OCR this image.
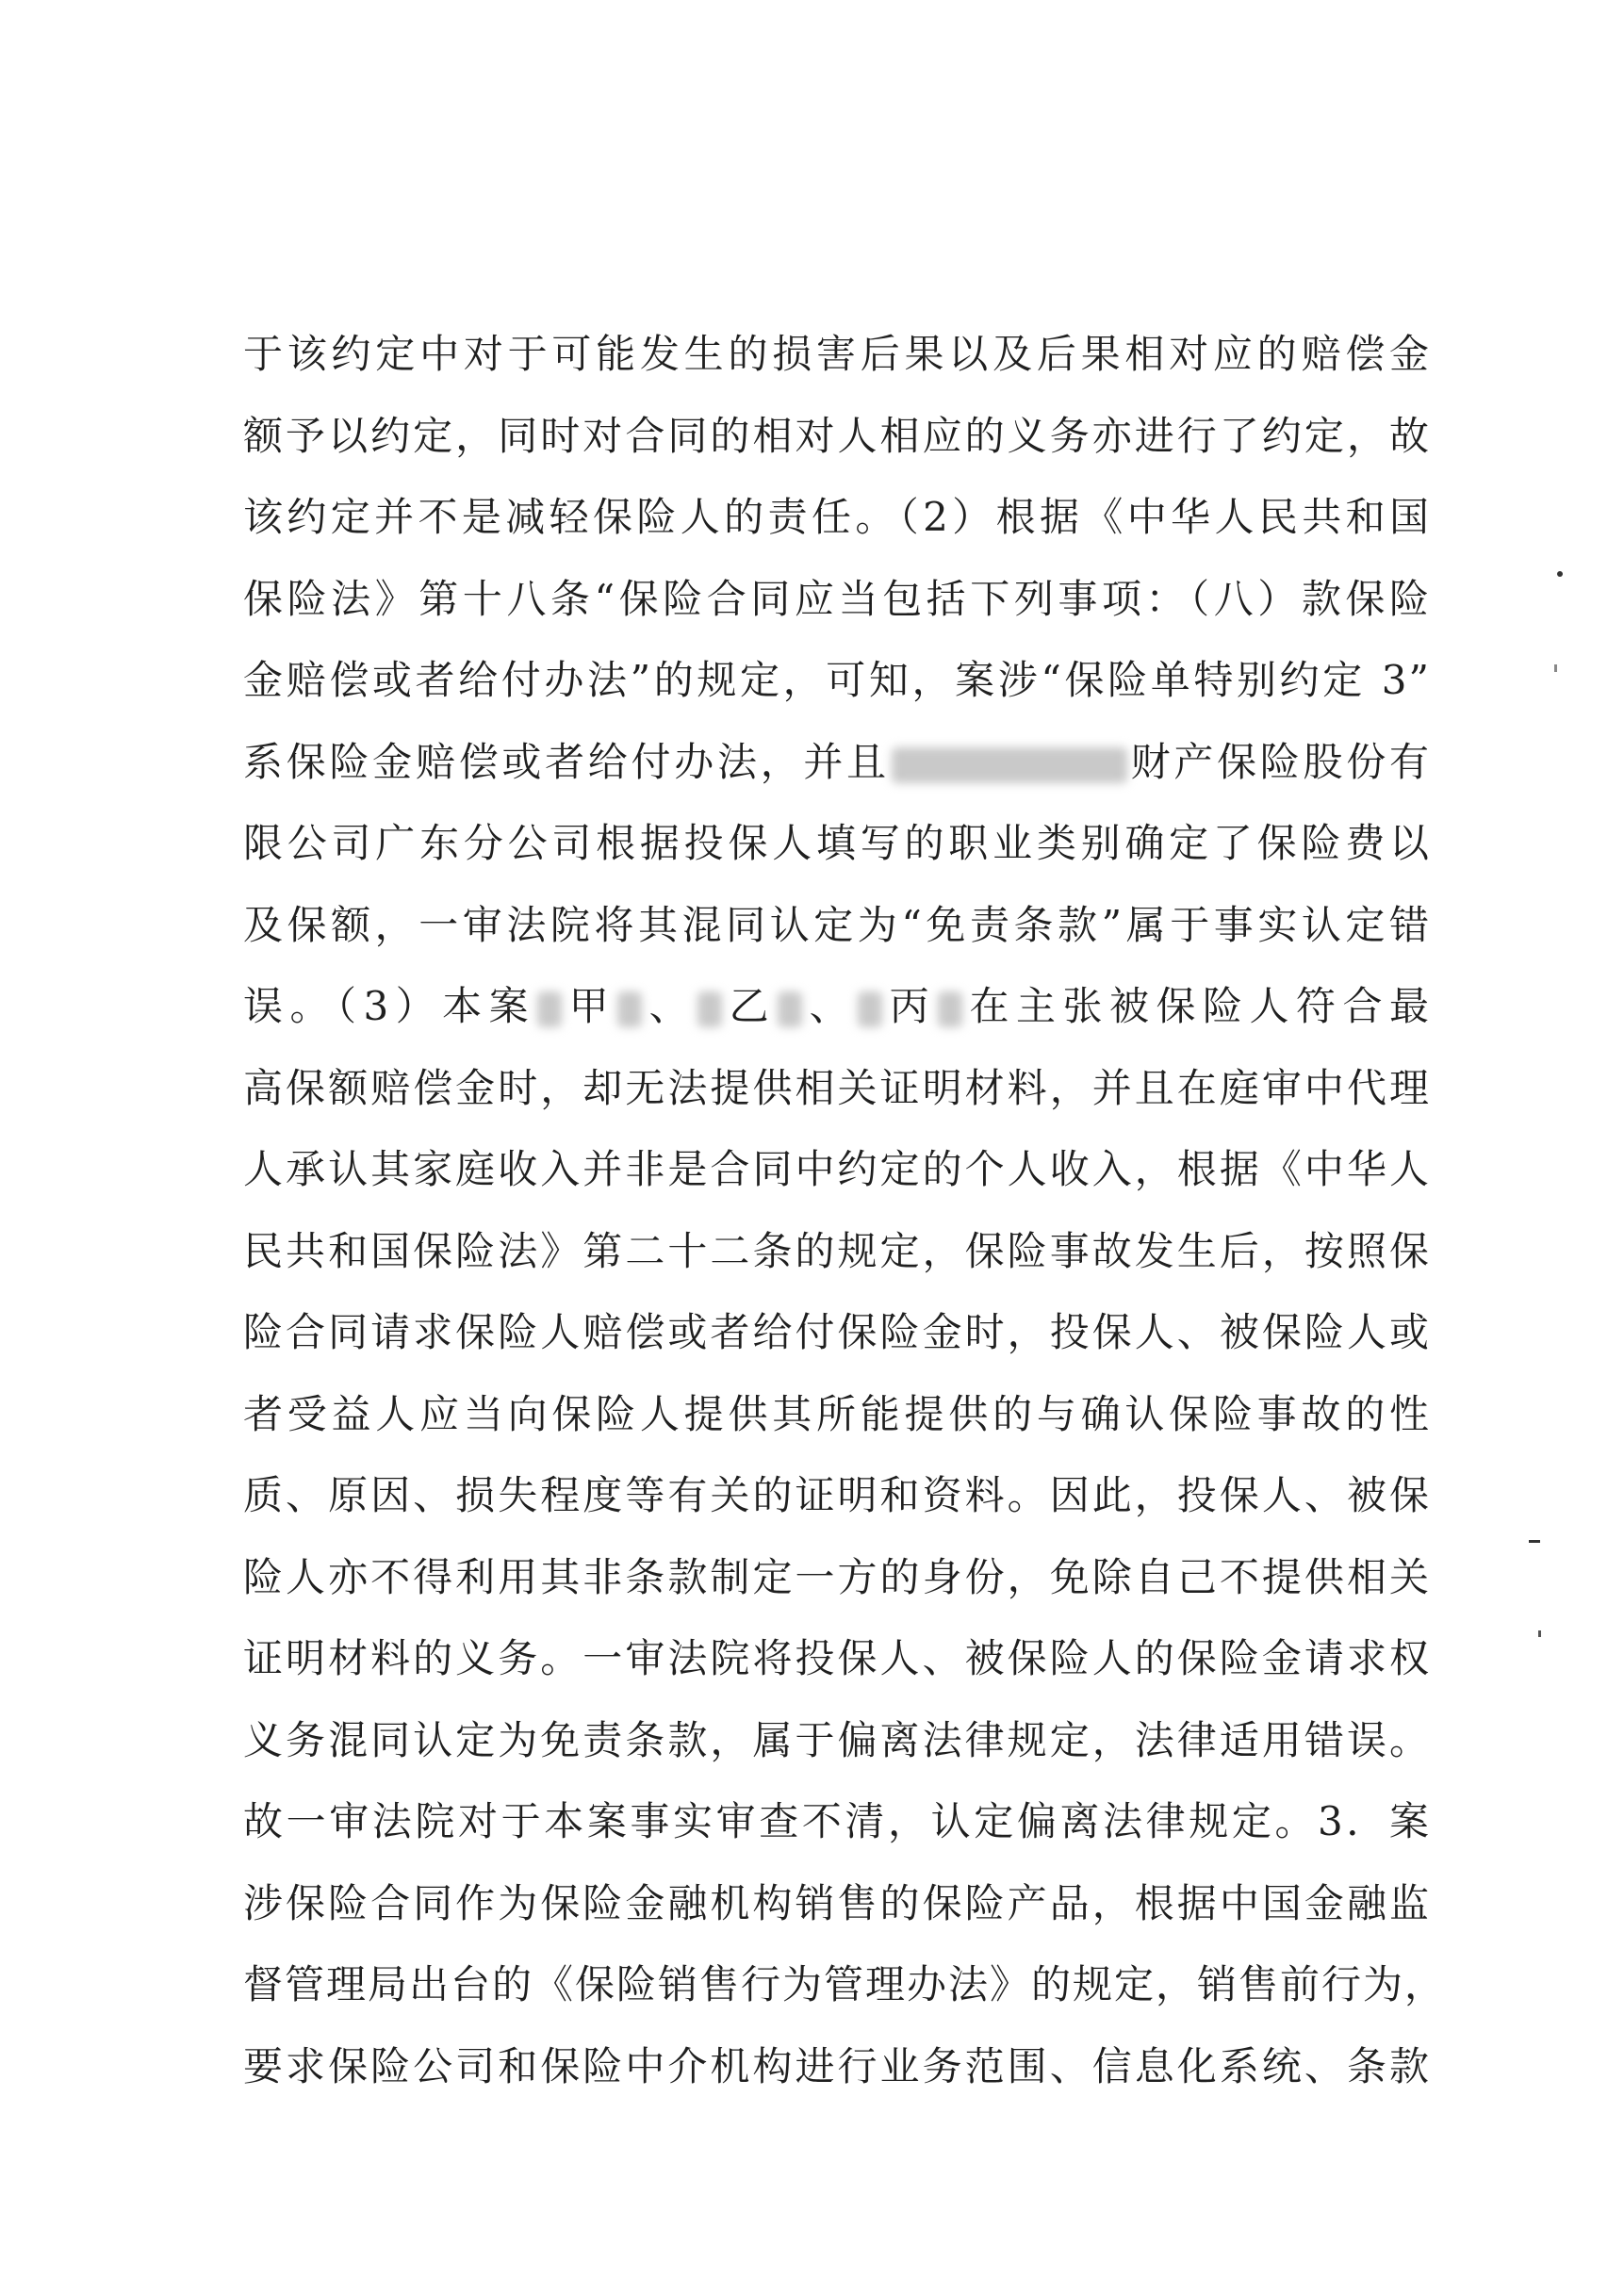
于该约定中对于可能发生的损害后果以及后果相对应的赔偿金
额予以约定，同时对合同的相对人相应的义务亦进行了约定，故
该约定并不是减轻保险人的责任。（2）根据《中华人民共和国
保险法》第十八条“保险合同应当包括下列事项：（八）款保险
金赔偿或者给付办法”的规定，可知，案涉“保险单特别约定 3”
系保险金赔偿或者给付办法，并且	财产保险股份有
限公司广东分公司根据投保人填写的职业类别确定了保险费以
及保额，一审法院将其混同认定为“免责条款”属于事实认定错
误。（3）本案 甲 、 乙 、 丙 在主张被保险人符合最
高保额赔偿金时，却无法提供相关证明材料，并且在庭审中代理
人承认其家庭收入并非是合同中约定的个人收入，根据《中华人
民共和国保险法》第二十二条的规定，保险事故发生后，按照保
险合同请求保险人赔偿或者给付保险金时，投保人、被保险人或
者受益人应当向保险人提供其所能提供的与确认保险事故的性
质、原因、损失程度等有关的证明和资料。因此，投保人、被保
险人亦不得利用其非条款制定一方的身份，免除自己不提供相关
证明材料的义务。一审法院将投保人、被保险人的保险金请求权
义务混同认定为免责条款，属于偏离法律规定，法律适用错误。
故一审法院对于本案事实审查不清，认定偏离法律规定。3．案
涉保险合同作为保险金融机构销售的保险产品，根据中国金融监
督管理局出台的《保险销售行为管理办法》的规定，销售前行为，
要求保险公司和保险中介机构进行业务范围、信息化系统、条款
